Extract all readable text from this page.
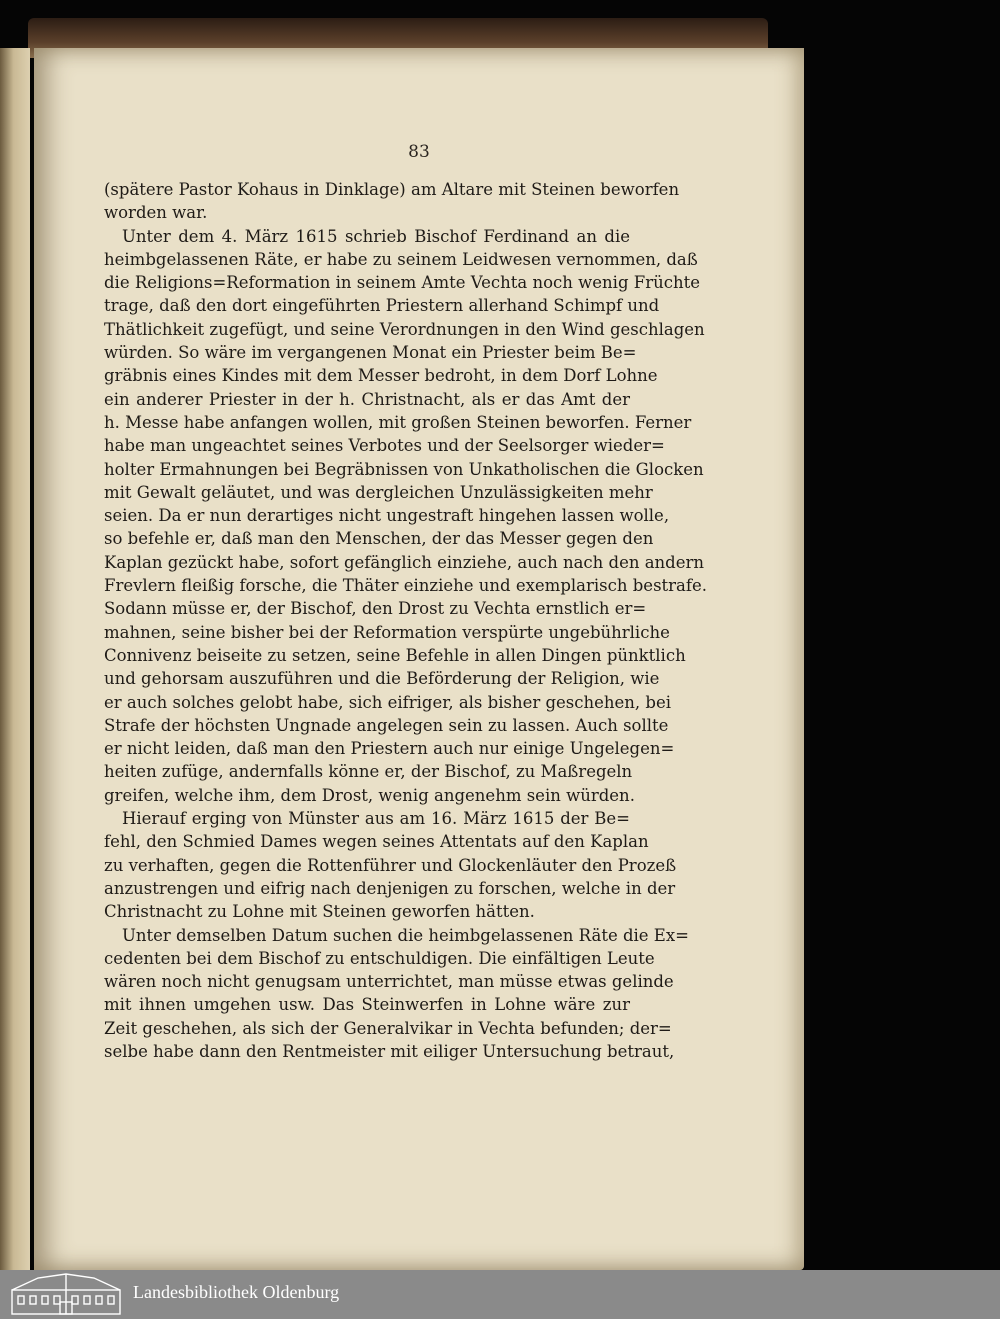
83
(spätere Pastor Kohaus in Dinklage) am Altare mit Steinen beworfen
worden war.
Unter dem 4. März 1615 schrieb Bischof Ferdinand an die
heimbgelassenen Räte, er habe zu seinem Leidwesen vernommen, daß
die Religions=Reformation in seinem Amte Vechta noch wenig Früchte
trage, daß den dort eingeführten Priestern allerhand Schimpf und
Thätlichkeit zugefügt, und seine Verordnungen in den Wind geschlagen
würden. So wäre im vergangenen Monat ein Priester beim Be=
gräbnis eines Kindes mit dem Messer bedroht, in dem Dorf Lohne
ein anderer Priester in der h. Christnacht, als er das Amt der
h. Messe habe anfangen wollen, mit großen Steinen beworfen. Ferner
habe man ungeachtet seines Verbotes und der Seelsorger wieder=
holter Ermahnungen bei Begräbnissen von Unkatholischen die Glocken
mit Gewalt geläutet, und was dergleichen Unzulässigkeiten mehr
seien. Da er nun derartiges nicht ungestraft hingehen lassen wolle,
so befehle er, daß man den Menschen, der das Messer gegen den
Kaplan gezückt habe, sofort gefänglich einziehe, auch nach den andern
Frevlern fleißig forsche, die Thäter einziehe und exemplarisch bestrafe.
Sodann müsse er, der Bischof, den Drost zu Vechta ernstlich er=
mahnen, seine bisher bei der Reformation verspürte ungebührliche
Connivenz beiseite zu setzen, seine Befehle in allen Dingen pünktlich
und gehorsam auszuführen und die Beförderung der Religion, wie
er auch solches gelobt habe, sich eifriger, als bisher geschehen, bei
Strafe der höchsten Ungnade angelegen sein zu lassen. Auch sollte
er nicht leiden, daß man den Priestern auch nur einige Ungelegen=
heiten zufüge, andernfalls könne er, der Bischof, zu Maßregeln
greifen, welche ihm, dem Drost, wenig angenehm sein würden.
Hierauf erging von Münster aus am 16. März 1615 der Be=
fehl, den Schmied Dames wegen seines Attentats auf den Kaplan
zu verhaften, gegen die Rottenführer und Glockenläuter den Prozeß
anzustrengen und eifrig nach denjenigen zu forschen, welche in der
Christnacht zu Lohne mit Steinen geworfen hätten.
Unter demselben Datum suchen die heimbgelassenen Räte die Ex=
cedenten bei dem Bischof zu entschuldigen. Die einfältigen Leute
wären noch nicht genugsam unterrichtet, man müsse etwas gelinde
mit ihnen umgehen usw. Das Steinwerfen in Lohne wäre zur
Zeit geschehen, als sich der Generalvikar in Vechta befunden; der=
selbe habe dann den Rentmeister mit eiliger Untersuchung betraut,
Landesbibliothek Oldenburg
